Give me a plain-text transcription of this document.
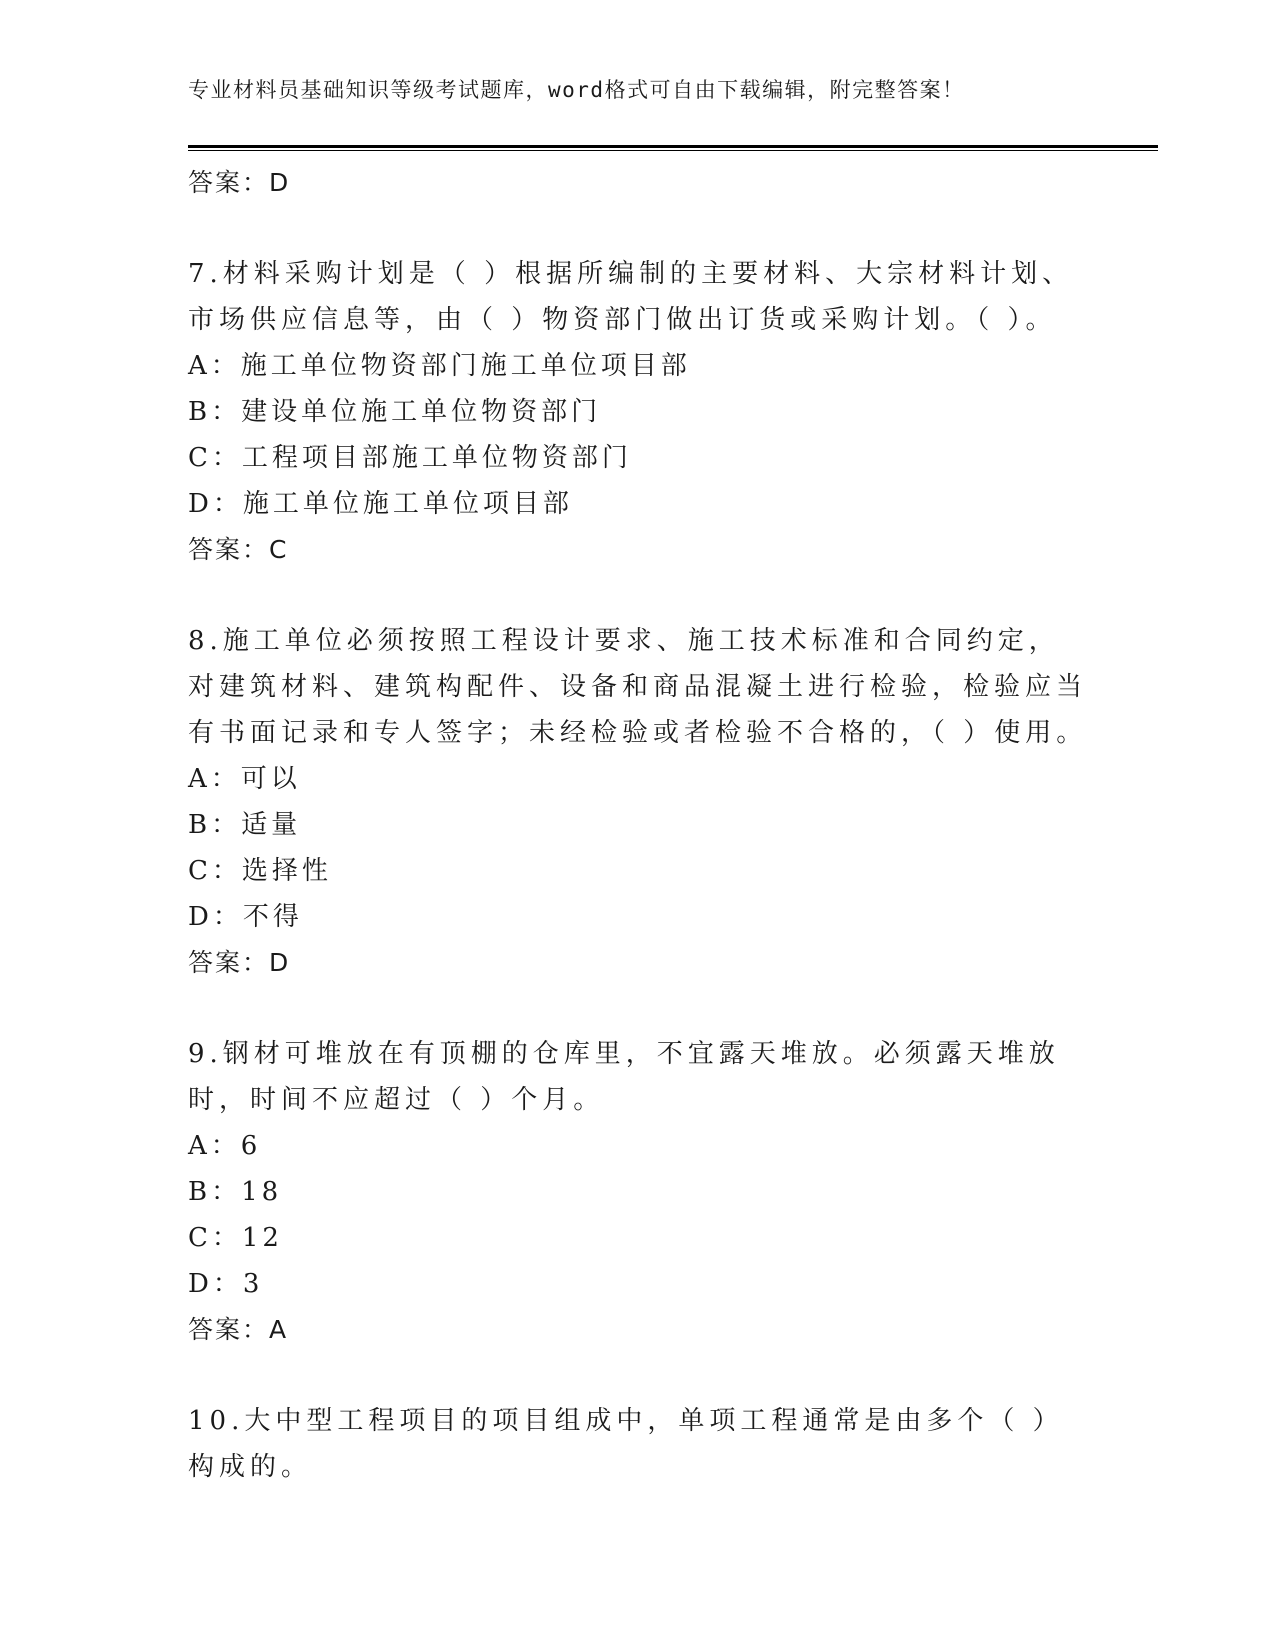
专业材料员基础知识等级考试题库，word格式可自由下载编辑，附完整答案！
答案：D
7.材料采购计划是（ ）根据所编制的主要材料、大宗材料计划、市场供应信息等，由（ ）物资部门做出订货或采购计划。（ ）。
A：施工单位物资部门施工单位项目部
B：建设单位施工单位物资部门
C：工程项目部施工单位物资部门
D：施工单位施工单位项目部
答案：C
8.施工单位必须按照工程设计要求、施工技术标准和合同约定，对建筑材料、建筑构配件、设备和商品混凝土进行检验，检验应当有书面记录和专人签字；未经检验或者检验不合格的，（ ）使用。
A：可以
B：适量
C：选择性
D：不得
答案：D
9.钢材可堆放在有顶棚的仓库里，不宜露天堆放。必须露天堆放时，时间不应超过（ ）个月。
A：6
B：18
C：12
D：3
答案：A
10.大中型工程项目的项目组成中，单项工程通常是由多个（ ）构成的。
